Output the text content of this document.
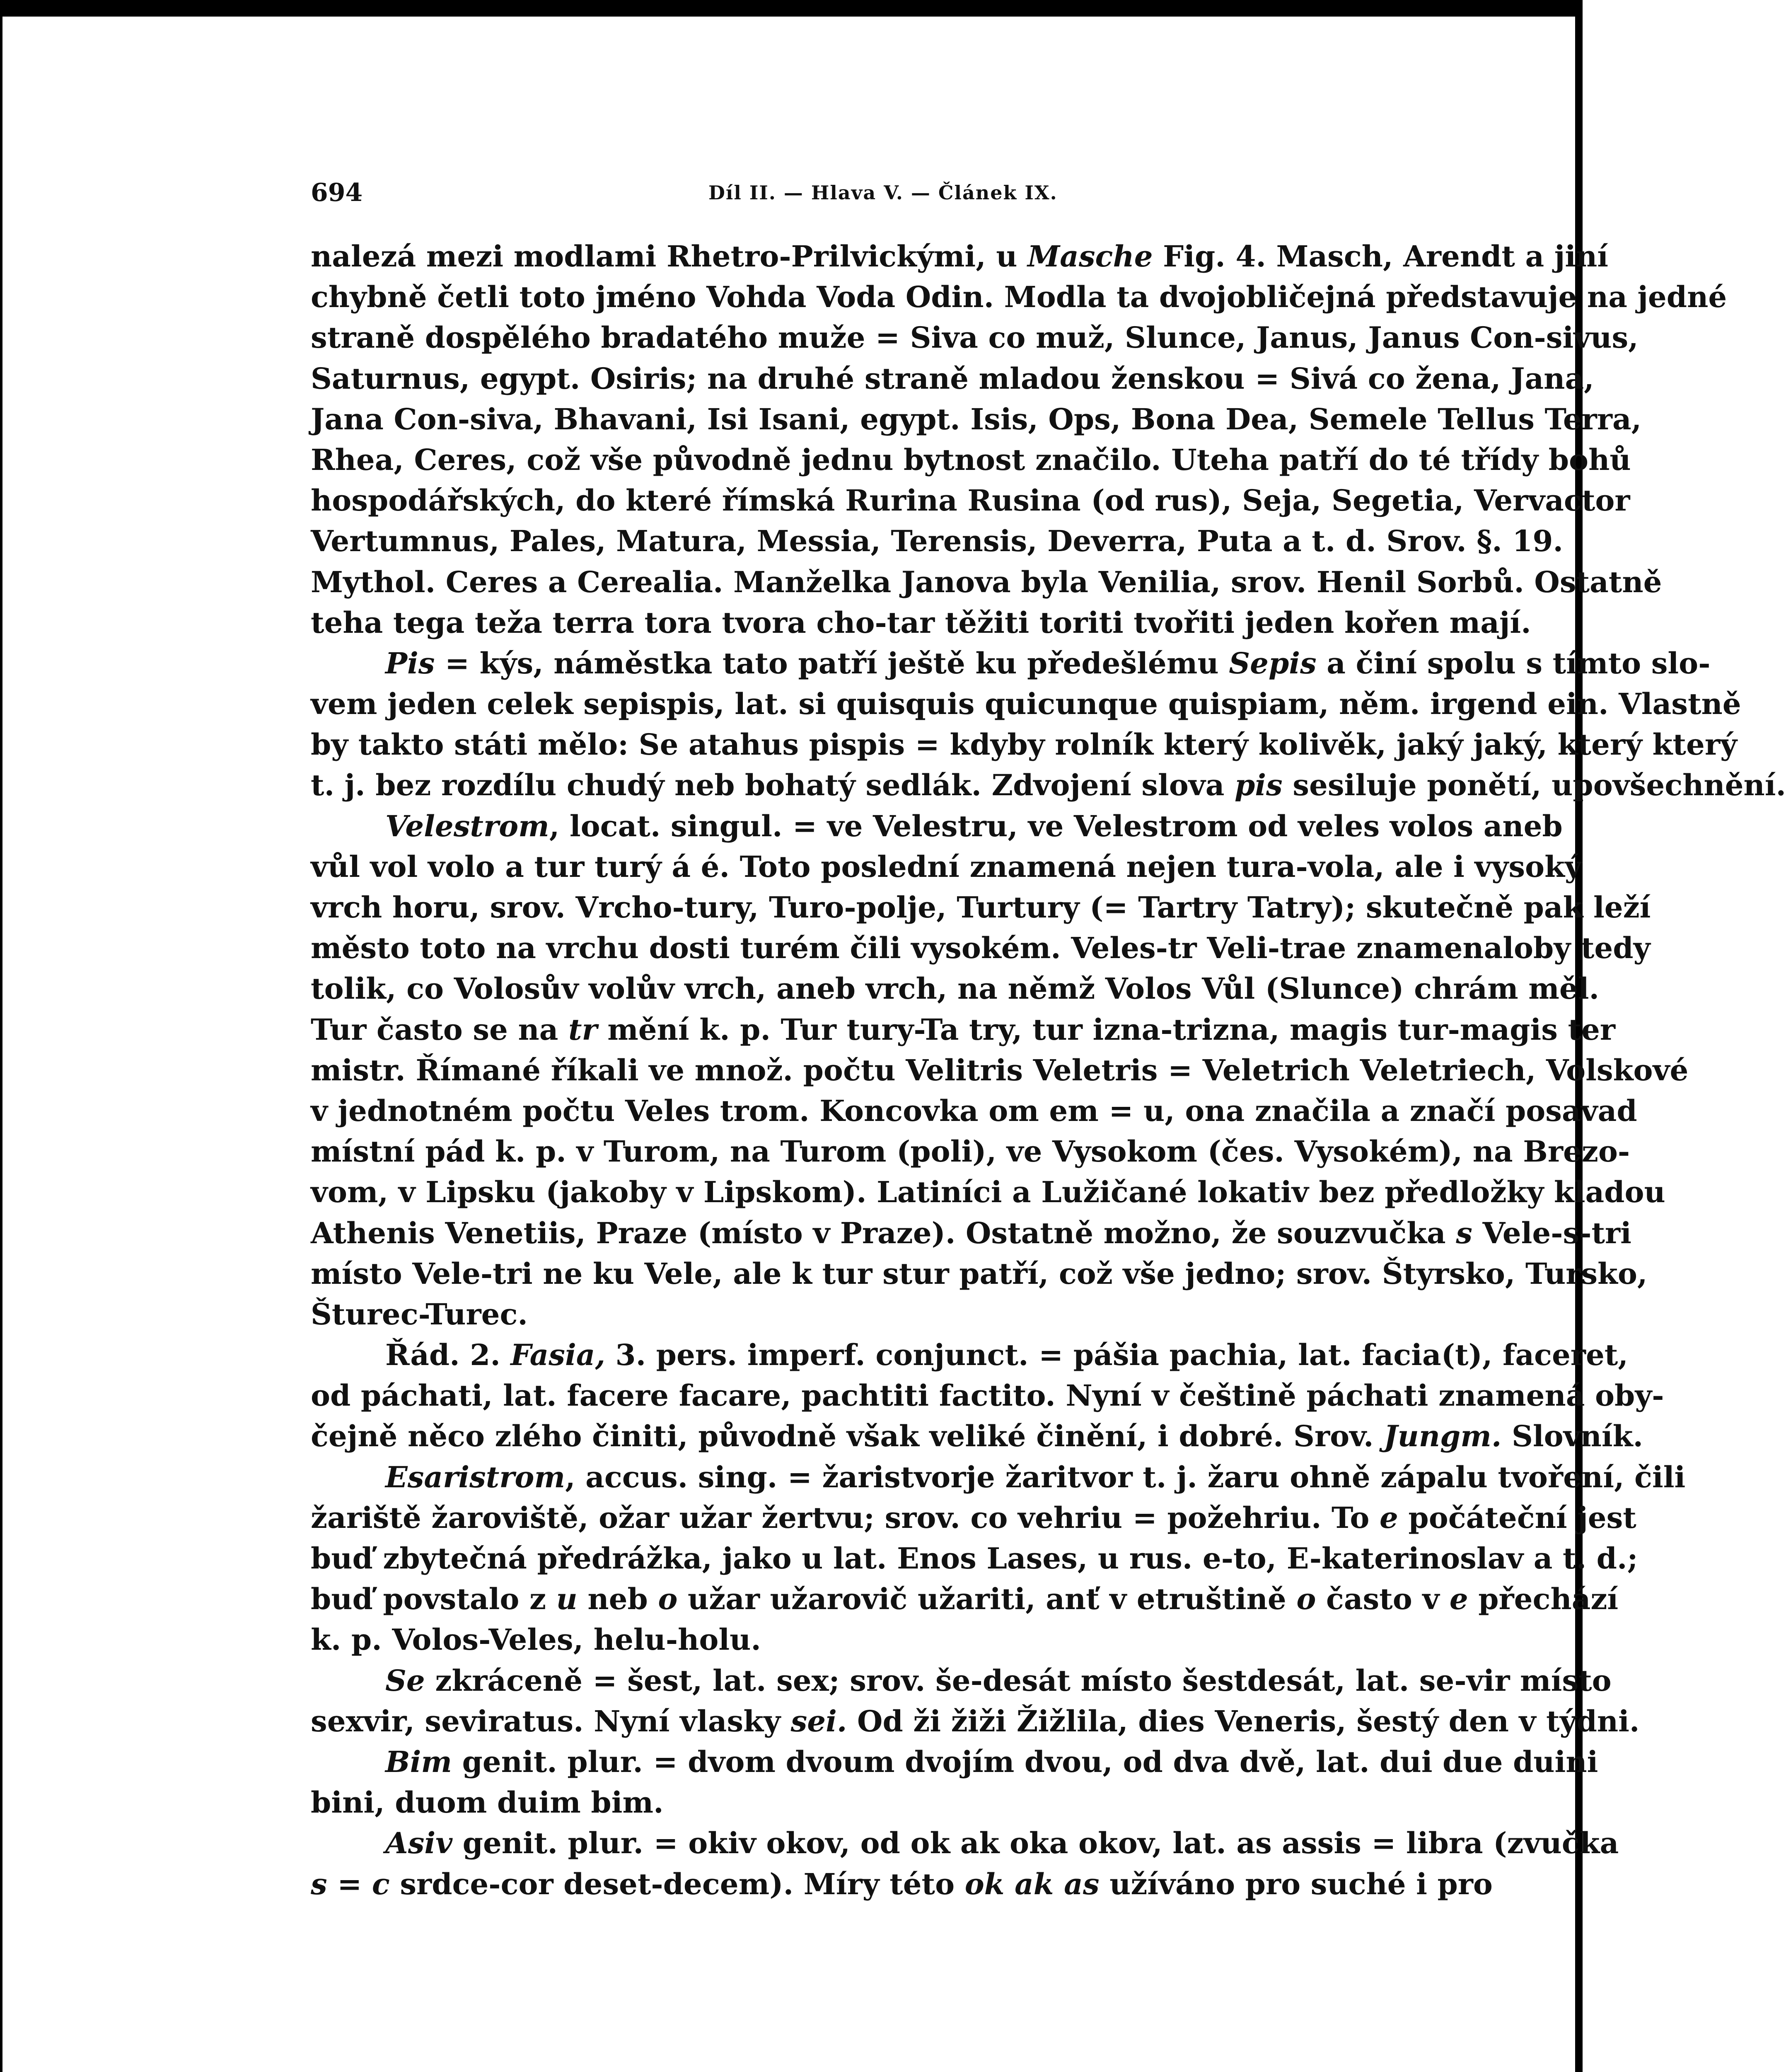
694	Díl II. — Hlava V. — Článek IX.
nalezá mezi modlami Rhetro-Prilvickými, u Masche Fig. 4. Masch, Arendt a jiní
chybně četli toto jméno Vohda Voda Odin. Modla ta dvojobličejná představuje na jedné
straně dospělého bradatého muže = Siva co muž, Slunce, Janus, Janus Con-sivus,
Saturnus, egypt. Osiris; na druhé straně mladou ženskou = Sivá co žena, Jana,
Jana Con-siva, Bhavani, Isi Isani, egypt. Isis, Ops, Bona Dea, Semele Tellus Terra,
Rhea, Ceres, což vše původně jednu bytnost značilo. Uteha patří do té třídy bohů
hospodářských, do které římská Rurina Rusina (od rus), Seja, Segetia, Vervactor
Vertumnus, Pales, Matura, Messia, Terensis, Deverra, Puta a t. d. Srov. §. 19.
Mythol. Ceres a Cerealia. Manželka Janova byla Venilia, srov. Henil Sorbů. Ostatně
teha tega teža terra tora tvora cho-tar těžiti toriti tvořiti jeden kořen mají.
Pis = kýs, náměstka tato patří ještě ku předešlému Sepis a činí spolu s tímto slo-
vem jeden celek sepispis, lat. si quisquis quicunque quispiam, něm. irgend ein. Vlastně
by takto státi mělo: Se atahus pispis = kdyby rolník který kolivěk, jaký jaký, který který
t. j. bez rozdílu chudý neb bohatý sedlák. Zdvojení slova pis sesiluje ponětí, upovšechnění.
Velestrom, locat. singul. = ve Velestru, ve Velestrom od veles volos aneb
vůl vol volo a tur turý á é. Toto poslední znamená nejen tura-vola, ale i vysoký
vrch horu, srov. Vrcho-tury, Turo-polje, Turtury (= Tartry Tatry); skutečně pak leží
město toto na vrchu dosti turém čili vysokém. Veles-tr Veli-trae znamenaloby tedy
tolik, co Volosův volův vrch, aneb vrch, na němž Volos Vůl (Slunce) chrám měl.
Tur často se na tr mění k. p. Tur tury-Ta try, tur izna-trizna, magis tur-magis ter
mistr. Římané říkali ve množ. počtu Velitris Veletris = Veletrich Veletriech, Volskové
v jednotném počtu Veles trom. Koncovka om em = u, ona značila a značí posavad
místní pád k. p. v Turom, na Turom (poli), ve Vysokom (čes. Vysokém), na Brezo-
vom, v Lipsku (jakoby v Lipskom). Latiníci a Lužičané lokativ bez předložky kladou
Athenis Venetiis, Praze (místo v Praze). Ostatně možno, že souzvučka s Vele-s-tri
místo Vele-tri ne ku Vele, ale k tur stur patří, což vše jedno; srov. Štyrsko, Tursko,
Šturec-Turec.
Řád. 2. Fasia, 3. pers. imperf. conjunct. = pášia pachia, lat. facia(t), faceret,
od páchati, lat. facere facare, pachtiti factito. Nyní v češtině páchati znamená oby-
čejně něco zlého činiti, původně však veliké činění, i dobré. Srov. Jungm. Slovník.
Esaristrom, accus. sing. = žaristvorje žaritvor t. j. žaru ohně zápalu tvoření, čili
žariště žaroviště, ožar užar žertvu; srov. co vehriu = požehriu. To e počáteční jest
buď zbytečná předrážka, jako u lat. Enos Lases, u rus. e-to, E-katerinoslav a t. d.;
buď povstalo z u neb o užar užarovič užariti, anť v etruštině o často v e přechází
k. p. Volos-Veles, helu-holu.
Se zkráceně = šest, lat. sex; srov. še-desát místo šestdesát, lat. se-vir místo
sexvir, seviratus. Nyní vlasky sei. Od ži žiži Žižlila, dies Veneris, šestý den v týdni.
Bim genit. plur. = dvom dvoum dvojím dvou, od dva dvě, lat. dui due duini
bini, duom duim bim.
Asiv genit. plur. = okiv okov, od ok ak oka okov, lat. as assis = libra (zvučka
s = c srdce-cor deset-decem). Míry této ok ak as užíváno pro suché i pro
